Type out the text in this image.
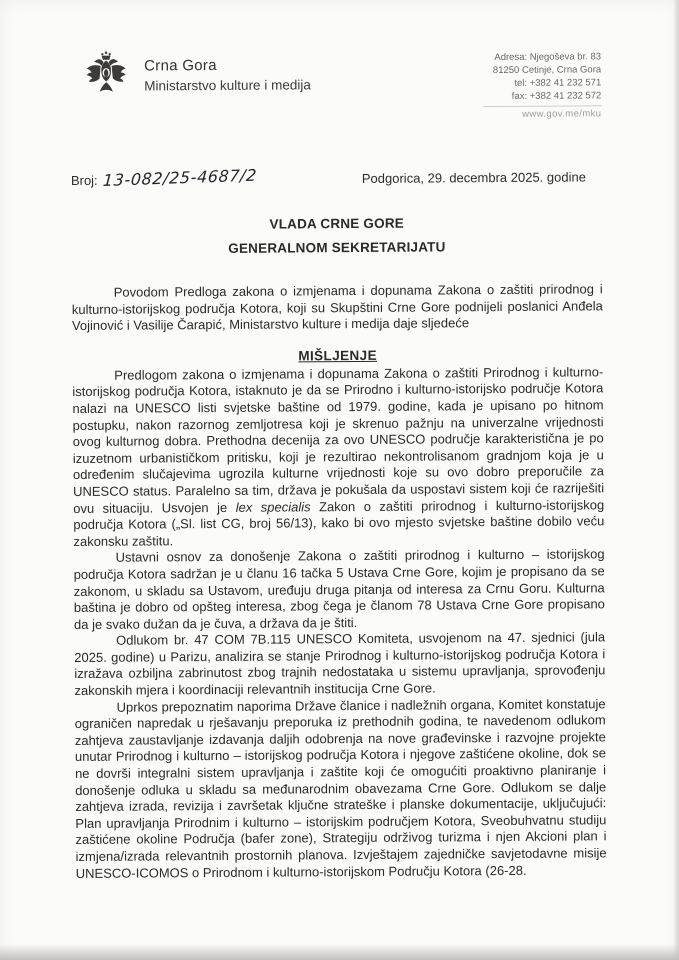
Crna Gora
Ministarstvo kulture i medija
Adresa: Njegoševa br. 83
81250 Cetinje, Crna Gora
tel: +382 41 232 571
fax: +382 41 232 572
www.gov.me/mku
Broj: 13-082/25-4687/2	Podgorica, 29. decembra 2025. godine
VLADA CRNE GORE
GENERALNOM SEKRETARIJATU

Povodom Predloga zakona o izmjenama i dopunama Zakona o zaštiti prirodnog i kulturno-istorijskog područja Kotora, koji su Skupštini Crne Gore podnijeli poslanici Anđela Vojinović i Vasilije Čarapić, Ministarstvo kulture i medija daje sljedeće

MIŠLJENJE

Predlogom zakona o izmjenama i dopunama Zakona o zaštiti Prirodnog i kulturno-istorijskog područja Kotora, istaknuto je da se Prirodno i kulturno-istorijsko područje Kotora nalazi na UNESCO listi svjetske baštine od 1979. godine, kada je upisano po hitnom postupku, nakon razornog zemljotresa koji je skrenuo pažnju na univerzalne vrijednosti ovog kulturnog dobra. Prethodna decenija za ovo UNESCO područje karakteristična je po izuzetnom urbanističkom pritisku, koji je rezultirao nekontrolisanom gradnjom koja je u određenim slučajevima ugrozila kulturne vrijednosti koje su ovo dobro preporučile za UNESCO status. Paralelno sa tim, država je pokušala da uspostavi sistem koji će razriješiti ovu situaciju. Usvojen je lex specialis Zakon o zaštiti prirodnog i kulturno-istorijskog područja Kotora („Sl. list CG, broj 56/13), kako bi ovo mjesto svjetske baštine dobilo veću zakonsku zaštitu.

Ustavni osnov za donošenje Zakona o zaštiti prirodnog i kulturno – istorijskog područja Kotora sadržan je u članu 16 tačka 5 Ustava Crne Gore, kojim je propisano da se zakonom, u skladu sa Ustavom, uređuju druga pitanja od interesa za Crnu Goru. Kulturna baština je dobro od opšteg interesa, zbog čega je članom 78 Ustava Crne Gore propisano da je svako dužan da je čuva, a država da je štiti.

Odlukom br. 47 COM 7B.115 UNESCO Komiteta, usvojenom na 47. sjednici (jula 2025. godine) u Parizu, analizira se stanje Prirodnog i kulturno-istorijskog područja Kotora i izražava ozbiljna zabrinutost zbog trajnih nedostataka u sistemu upravljanja, sprovođenju zakonskih mjera i koordinaciji relevantnih institucija Crne Gore.

Uprkos prepoznatim naporima Države članice i nadležnih organa, Komitet konstatuje ograničen napredak u rješavanju preporuka iz prethodnih godina, te navedenom odlukom zahtjeva zaustavljanje izdavanja daljih odobrenja na nove građevinske i razvojne projekte unutar Prirodnog i kulturno – istorijskog područja Kotora i njegove zaštićene okoline, dok se ne dovrši integralni sistem upravljanja i zaštite koji će omogućiti proaktivno planiranje i donošenje odluka u skladu sa međunarodnim obavezama Crne Gore. Odlukom se dalje zahtjeva izrada, revizija i završetak ključne strateške i planske dokumentacije, uključujući: Plan upravljanja Prirodnim i kulturno – istorijskim područjem Kotora, Sveobuhvatnu studiju zaštićene okoline Područja (bafer zone), Strategiju održivog turizma i njen Akcioni plan i izmjena/izrada relevantnih prostornih planova. Izvještajem zajedničke savjetodavne misije UNESCO-ICOMOS o Prirodnom i kulturno-istorijskom Području Kotora (26-28.
